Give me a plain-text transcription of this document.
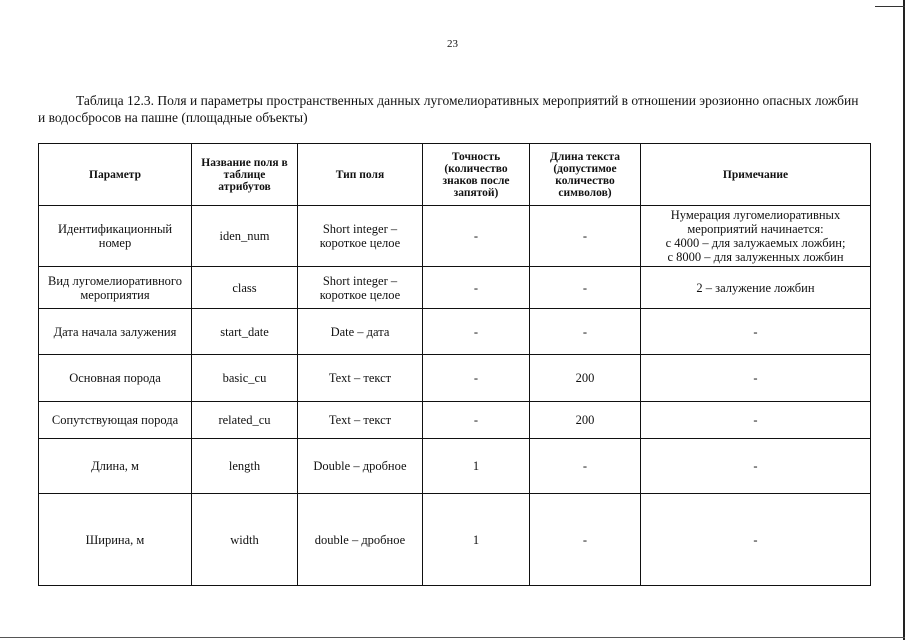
23
Таблица 12.3. Поля и параметры пространственных данных лугомелиоративных мероприятий в отношении эрозионно опасных ложбин и водосбросов на пашне (площадные объекты)
Параметр	Название поля в таблице атрибутов	Тип поля	Точность (количество знаков после запятой)	Длина текста (допустимое количество символов)	Примечание
Идентификационный номер	iden_num	Short integer – короткое целое	-	-	Нумерация лугомелиоративных
мероприятий начинается:
с 4000 – для залужаемых ложбин;
с 8000 – для залуженных ложбин

Вид лугомелиоративного мероприятия	class	Short integer – короткое целое	-	-	2 – залужение ложбин
Дата начала залужения	start_date	Date – дата	-	-	-
Основная порода	basic_cu	Text – текст	-	200	-
Сопутствующая порода	related_cu	Text – текст	-	200	-
Длина, м	length	Double – дробное	1	-	-
Ширина, м	width	double – дробное	1	-	-
